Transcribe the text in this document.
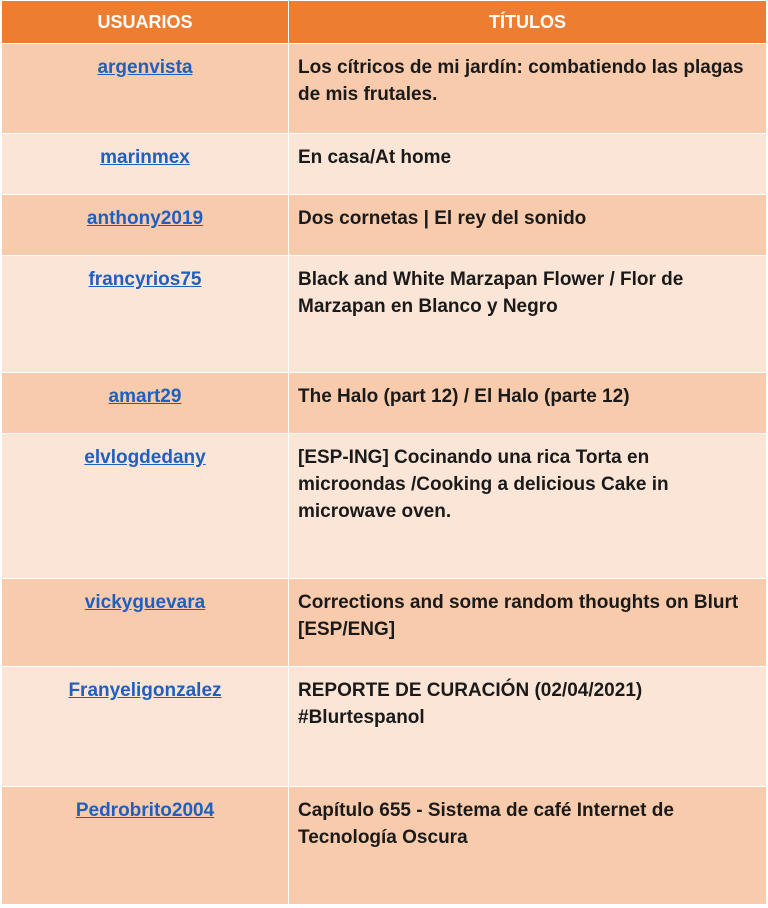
USUARIOS	TÍTULOS
argenvista	Los cítricos de mi jardín: combatiendo las plagas de mis frutales.
marinmex	En casa/At home
anthony2019	Dos cornetas | El rey del sonido
francyrios75	Black and White Marzapan Flower / Flor de Marzapan en Blanco y Negro
amart29	The Halo (part 12) / El Halo (parte 12)
elvlogdedany	[ESP-ING] Cocinando una rica Torta en microondas /Cooking a delicious Cake in microwave oven.
vickyguevara	Corrections and some random thoughts on Blurt [ESP/ENG]
Franyeligonzalez	REPORTE DE CURACIÓN (02/04/2021) #Blurtespanol
Pedrobrito2004	Capítulo 655 - Sistema de café Internet de Tecnología Oscura
